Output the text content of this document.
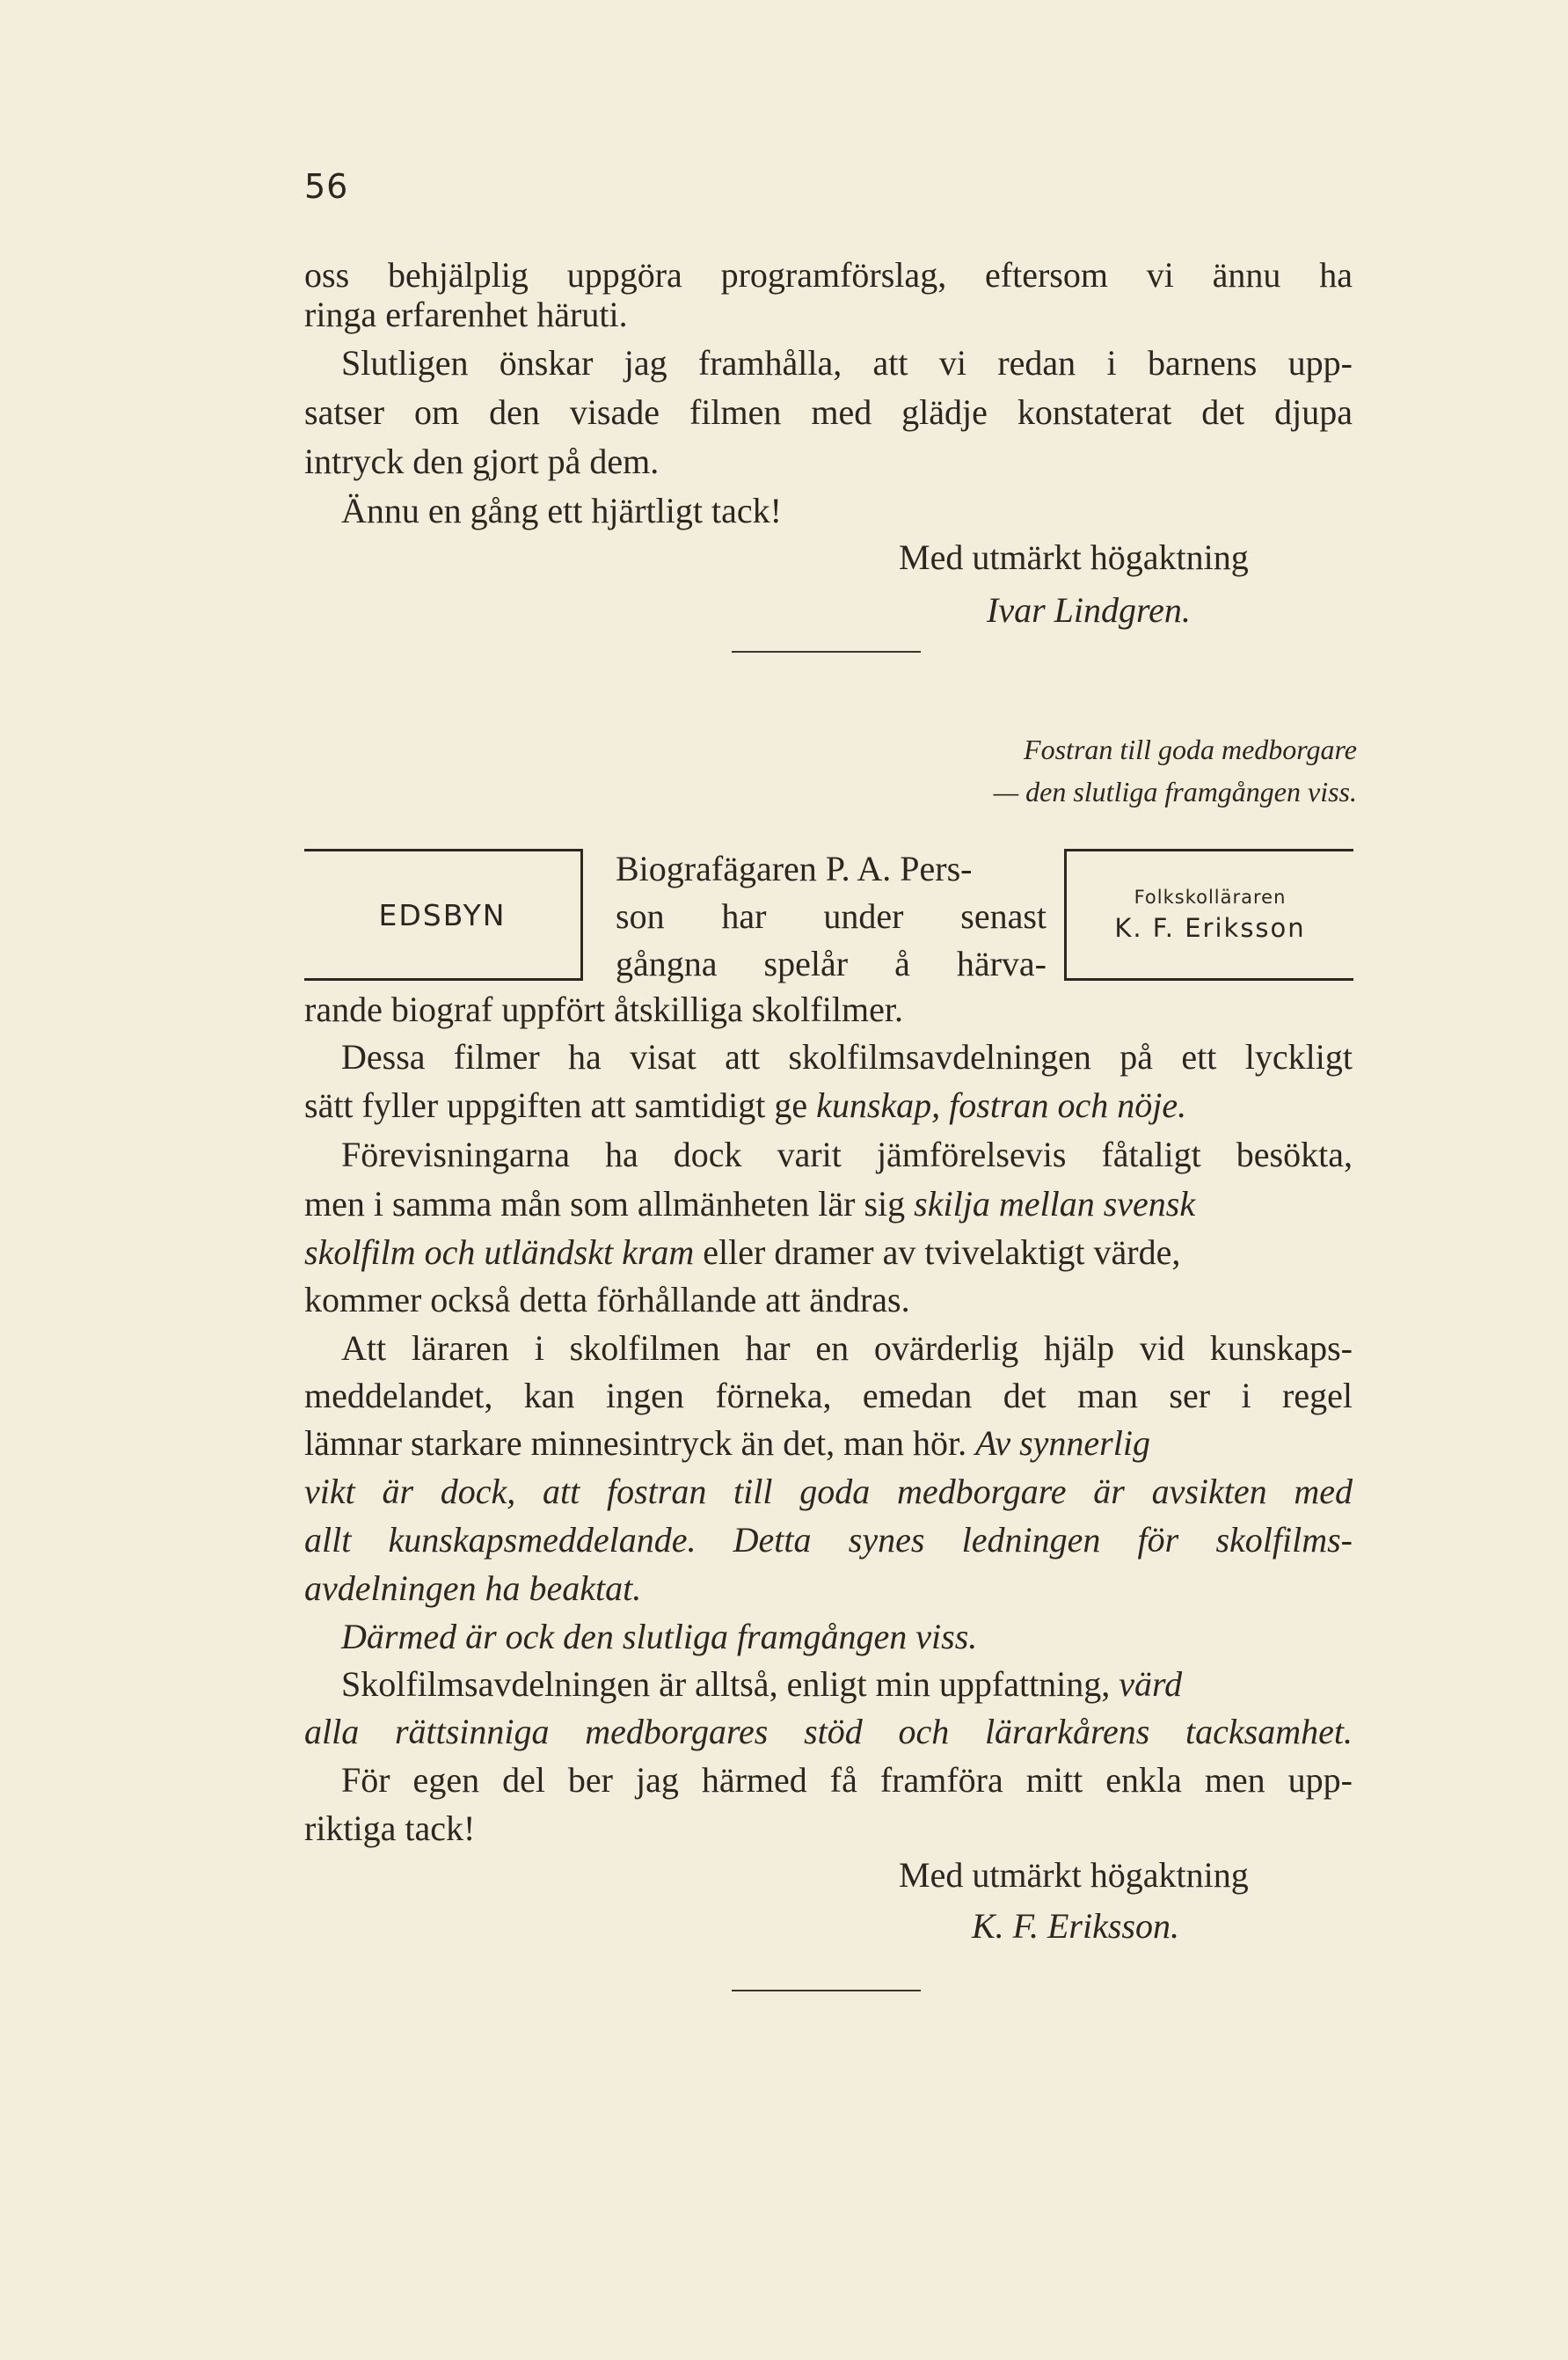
56
oss behjälplig uppgöra programförslag, eftersom vi ännu ha
ringa erfarenhet häruti.
Slutligen önskar jag framhålla, att vi redan i barnens upp-
satser om den visade filmen med glädje konstaterat det djupa
intryck den gjort på dem.
Ännu en gång ett hjärtligt tack!
Med utmärkt högaktning
Ivar Lindgren.
Fostran till goda medborgare
— den slutliga framgången viss.
EDSBYN
Biografägaren P. A. Pers-
son har under senast
gångna spelår å härva-
Folkskolläraren
K. F. Eriksson
rande biograf uppfört åtskilliga skolfilmer.
Dessa filmer ha visat att skolfilmsavdelningen på ett lyckligt
sätt fyller uppgiften att samtidigt ge kunskap, fostran och nöje.
Förevisningarna ha dock varit jämförelsevis fåtaligt besökta,
men i samma mån som allmänheten lär sig skilja mellan svensk
skolfilm och utländskt kram eller dramer av tvivelaktigt värde,
kommer också detta förhållande att ändras.
Att läraren i skolfilmen har en ovärderlig hjälp vid kunskaps-
meddelandet, kan ingen förneka, emedan det man ser i regel
lämnar starkare minnesintryck än det, man hör. Av synnerlig
vikt är dock, att fostran till goda medborgare är avsikten med
allt kunskapsmeddelande. Detta synes ledningen för skolfilms-
avdelningen ha beaktat.
Därmed är ock den slutliga framgången viss.
Skolfilmsavdelningen är alltså, enligt min uppfattning, värd
alla rättsinniga medborgares stöd och lärarkårens tacksamhet.
För egen del ber jag härmed få framföra mitt enkla men upp-
riktiga tack!
Med utmärkt högaktning
K. F. Eriksson.
